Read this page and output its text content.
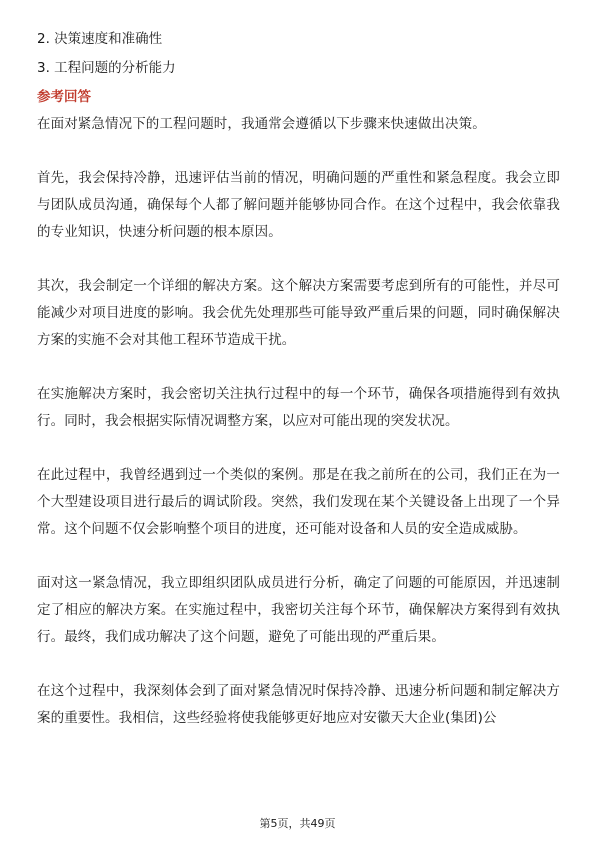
2. 决策速度和准确性
3. 工程问题的分析能力
参考回答

在面对紧急情况下的工程问题时，我通常会遵循以下步骤来快速做出决策。

首先，我会保持冷静，迅速评估当前的情况，明确问题的严重性和紧急程度。我会立即与团队成员沟通，确保每个人都了解问题并能够协同合作。在这个过程中，我会依靠我的专业知识，快速分析问题的根本原因。

其次，我会制定一个详细的解决方案。这个解决方案需要考虑到所有的可能性，并尽可能减少对项目进度的影响。我会优先处理那些可能导致严重后果的问题，同时确保解决方案的实施不会对其他工程环节造成干扰。

在实施解决方案时，我会密切关注执行过程中的每一个环节，确保各项措施得到有效执行。同时，我会根据实际情况调整方案，以应对可能出现的突发状况。

在此过程中，我曾经遇到过一个类似的案例。那是在我之前所在的公司，我们正在为一个大型建设项目进行最后的调试阶段。突然，我们发现在某个关键设备上出现了一个异常。这个问题不仅会影响整个项目的进度，还可能对设备和人员的安全造成威胁。

面对这一紧急情况，我立即组织团队成员进行分析，确定了问题的可能原因，并迅速制定了相应的解决方案。在实施过程中，我密切关注每个环节，确保解决方案得到有效执行。最终，我们成功解决了这个问题，避免了可能出现的严重后果。

在这个过程中，我深刻体会到了面对紧急情况时保持冷静、迅速分析问题和制定解决方案的重要性。我相信，这些经验将使我能够更好地应对安徽天大企业(集团)公

第5页，共49页
